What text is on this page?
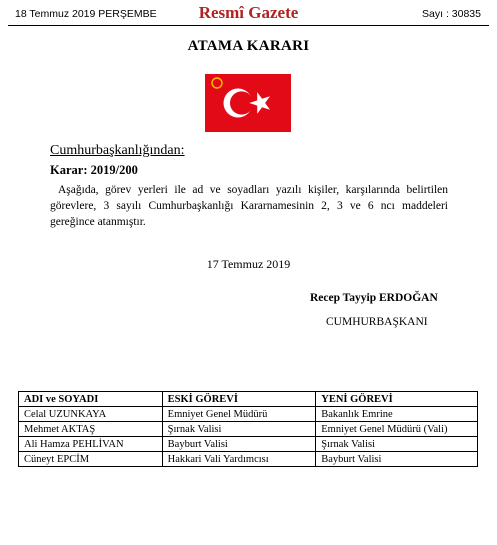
18 Temmuz 2019 PERŞEMBE	Resmî Gazete	Sayı : 30835
ATAMA KARARI
Cumhurbaşkanlığından:
Karar: 2019/200

Aşağıda, görev yerleri ile ad ve soyadları yazılı kişiler, karşılarında belirtilen görevlere, 3 sayılı Cumhurbaşkanlığı Kararnamesinin 2, 3 ve 6 ncı maddeleri gereğince atanmıştır.

17 Temmuz 2019
Recep Tayyip ERDOĞAN
CUMHURBAŞKANI
ADI ve SOYADI	ESKİ GÖREVİ	YENİ GÖREVİ
Celal UZUNKAYA	Emniyet Genel Müdürü	Bakanlık Emrine
Mehmet AKTAŞ	Şırnak Valisi	Emniyet Genel Müdürü (Vali)
Ali Hamza PEHLİVAN	Bayburt Valisi	Şırnak Valisi
Cüneyt EPCİM	Hakkari Vali Yardımcısı	Bayburt Valisi
